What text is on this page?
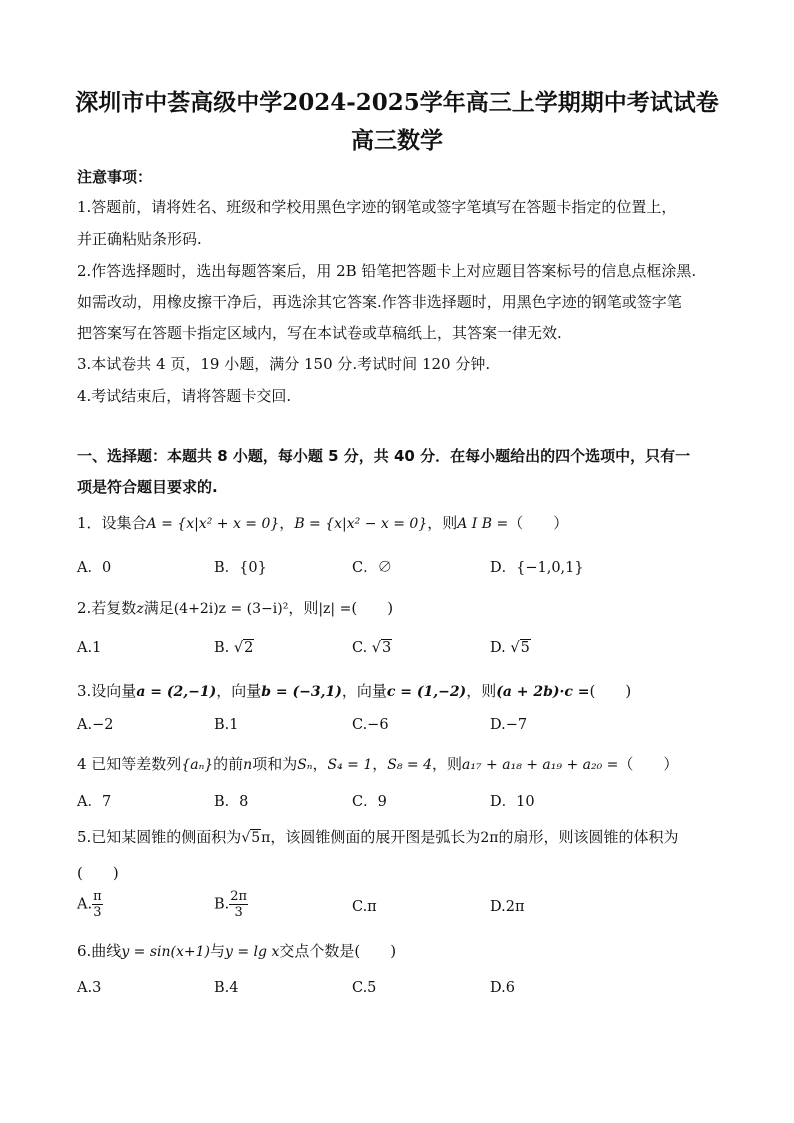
深圳市中荟高级中学2024-2025学年高三上学期期中考试试卷
高三数学
注意事项：
1.答题前，请将姓名、班级和学校用黑色字迹的钢笔或签字笔填写在答题卡指定的位置上，
并正确粘贴条形码.
2.作答选择题时，选出每题答案后，用 2B 铅笔把答题卡上对应题目答案标号的信息点框涂黑.
如需改动，用橡皮擦干净后，再选涂其它答案.作答非选择题时，用黑色字迹的钢笔或签字笔
把答案写在答题卡指定区域内，写在本试卷或草稿纸上，其答案一律无效.
3.本试卷共 4 页，19 小题，满分 150 分.考试时间 120 分钟.
4.考试结束后，请将答题卡交回.
一、选择题：本题共 8 小题，每小题 5 分，共 40 分．在每小题给出的四个选项中，只有一
项是符合题目要求的.
1．设集合A = {x|x² + x = 0}，B = {x|x² − x = 0}，则A I B =（　　）
A．0	B．{0}	C．∅	D．{−1,0,1}
2.若复数z满足(4+2i)z = (3−i)²，则|z| =(　　)
A.1	B. √2	C. √3	D. √5
3.设向量a = (2,−1)，向量b = (−3,1)，向量c = (1,−2)，则(a + 2b)·c =(　　)
A.−2	B.1	C.−6	D.−7
4 已知等差数列{aₙ}的前n项和为Sₙ，S₄ = 1，S₈ = 4，则a₁₇ + a₁₈ + a₁₉ + a₂₀ =（　　）
A．7	B．8	C．9	D．10
5.已知某圆锥的侧面积为√5π，该圆锥侧面的展开图是弧长为2π的扇形，则该圆锥的体积为
(　　)
A. $\frac{\pi}{3}$	B. $\frac{2\pi}{3}$	C.π	D.2π
6.曲线y = sin(x+1)与y = lg x交点个数是(　　)
A.3	B.4	C.5	D.6
